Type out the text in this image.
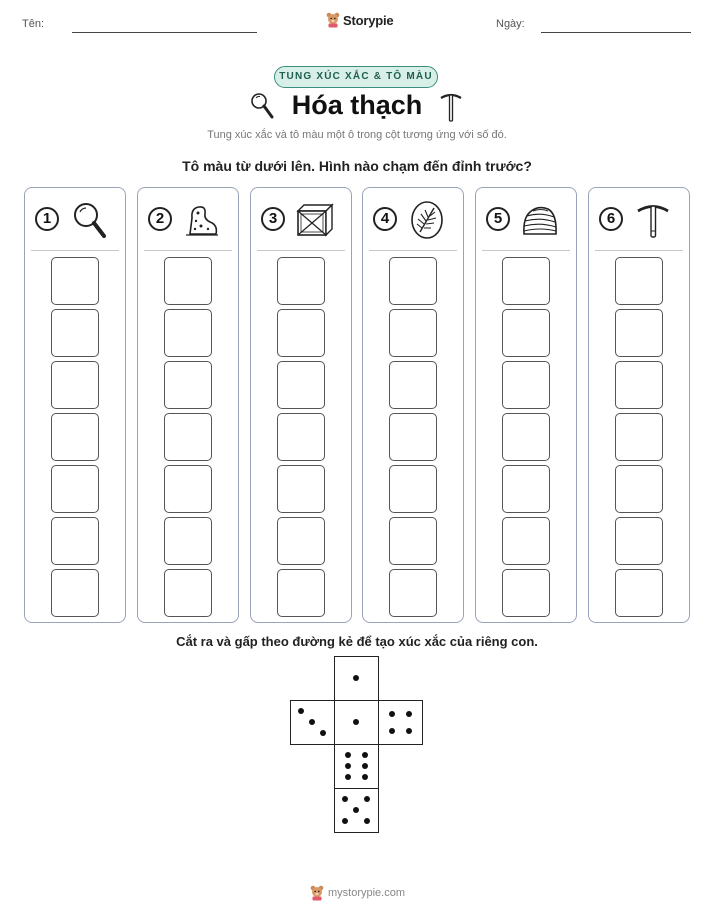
Tên:	Storypie	Ngày:
TUNG XÚC XẮC & TÔ MÀU
Hóa thạch
Tung xúc xắc và tô màu một ô trong cột tương ứng với số đó.
Tô màu từ dưới lên. Hình nào chạm đến đỉnh trước?
1	2	3	4	5	6
Cắt ra và gấp theo đường kẻ để tạo xúc xắc của riêng con.
mystorypie.com
